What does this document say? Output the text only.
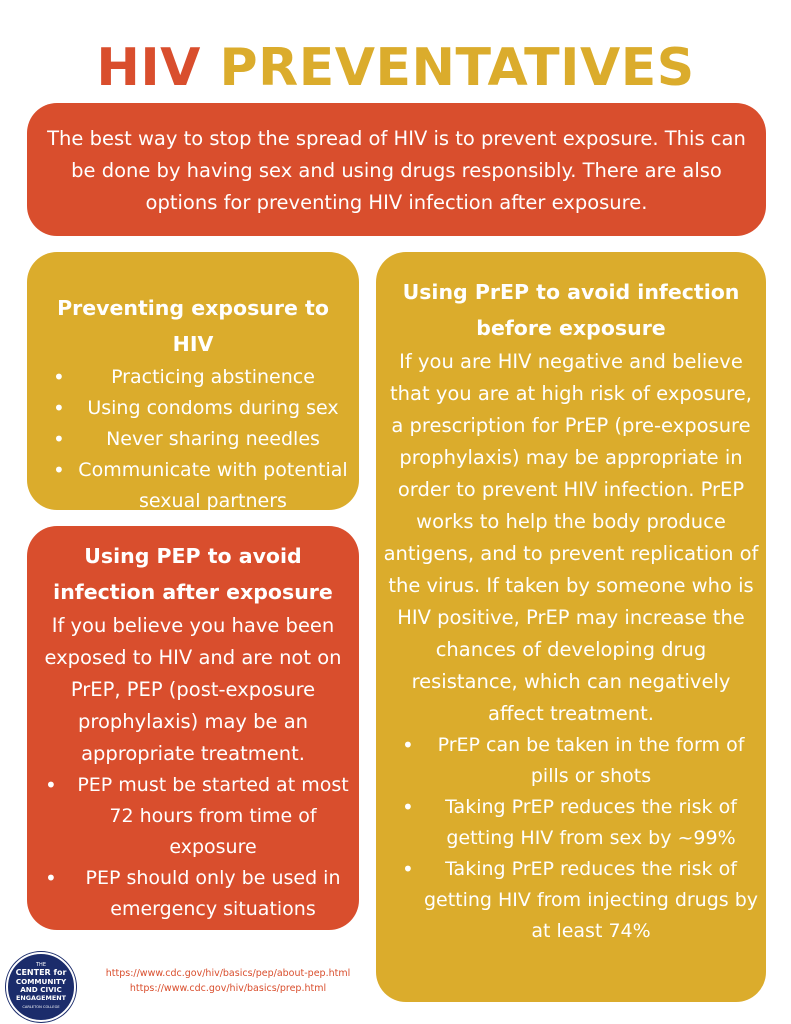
HIV PREVENTATIVES
The best way to stop the spread of HIV is to prevent exposure. This can be done by having sex and using drugs responsibly. There are also options for preventing HIV infection after exposure.
Preventing exposure to HIV
• Practicing abstinence
• Using condoms during sex
• Never sharing needles
• Communicate with potential sexual partners
Using PEP to avoid infection after exposure
If you believe you have been exposed to HIV and are not on PrEP, PEP (post-exposure prophylaxis) may be an appropriate treatment.
• PEP must be started at most 72 hours from time of exposure
• PEP should only be used in emergency situations
Using PrEP to avoid infection before exposure
If you are HIV negative and believe that you are at high risk of exposure, a prescription for PrEP (pre-exposure prophylaxis) may be appropriate in order to prevent HIV infection. PrEP works to help the body produce antigens, and to prevent replication of the virus. If taken by someone who is HIV positive, PrEP may increase the chances of developing drug resistance, which can negatively affect treatment.
• PrEP can be taken in the form of pills or shots
• Taking PrEP reduces the risk of getting HIV from sex by ~99%
• Taking PrEP reduces the risk of getting HIV from injecting drugs by at least 74%
THE
CENTER for
COMMUNITY
AND CIVIC
ENGAGEMENT
CARLETON COLLEGE
https://www.cdc.gov/hiv/basics/pep/about-pep.html
https://www.cdc.gov/hiv/basics/prep.html
